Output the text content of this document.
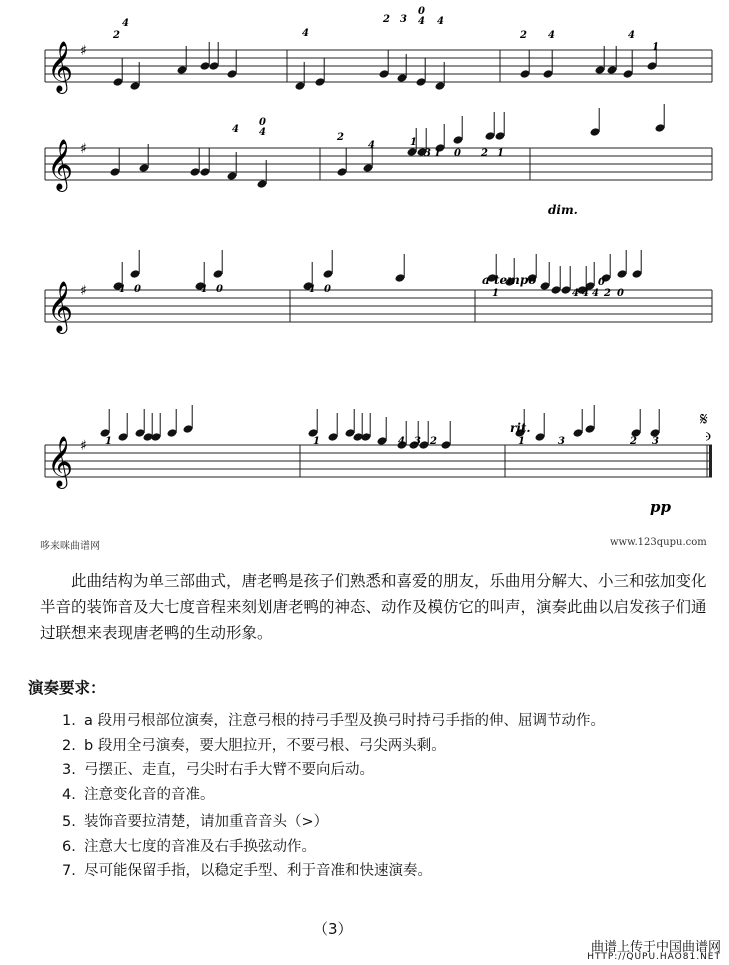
𝄞 ♯
𝄞 ♯
𝄞 ♯
𝄞 ♯
4
2	4
2 3
0
4 4
2 4	4
1
4
0
4	2
4	1
3 1 0 2 1
4 0	4 0	4 0	1	4 4 4
0
2 0
1	1	4 3 2	1	3	2 3
dim.
a tempo
rit.
pp
𝄋
𝄐
哆来咪曲谱网	www.123qupu.com
此曲结构为单三部曲式，唐老鸭是孩子们熟悉和喜爱的朋友，乐曲用分解大、小三和弦加变化半音的装饰音及大七度音程来刻划唐老鸭的神态、动作及模仿它的叫声，演奏此曲以启发孩子们通过联想来表现唐老鸭的生动形象。
演奏要求：
1. a 段用弓根部位演奏，注意弓根的持弓手型及换弓时持弓手指的伸、屈调节动作。
2. b 段用全弓演奏，要大胆拉开，不要弓根、弓尖两头剩。
3. 弓摆正、走直，弓尖时右手大臂不要向后动。
4. 注意变化音的音准。
5. 装饰音要拉清楚，请加重音音头（>）
6. 注意大七度的音准及右手换弦动作。
7. 尽可能保留手指，以稳定手型、利于音准和快速演奏。
（3）
曲谱上传于中国曲谱网
HTTP://QUPU.HAO81.NET
